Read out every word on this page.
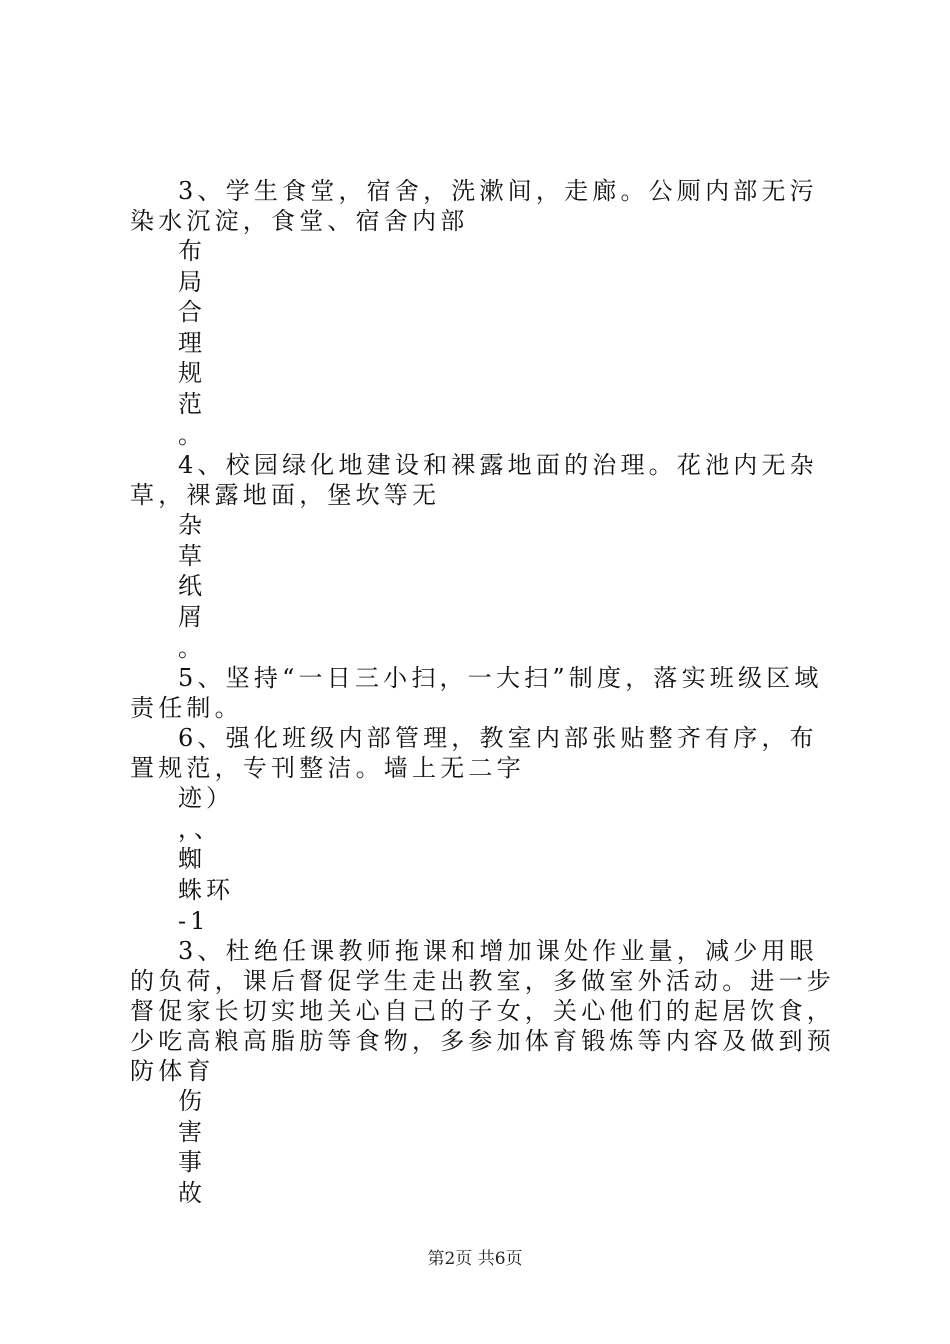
3、学生食堂，宿舍，洗漱间，走廊。公厕内部无污染水沉淀，食堂、宿舍内部

布
局
合
理
规
范
。

4、校园绿化地建设和裸露地面的治理。花池内无杂草，裸露地面，堡坎等无

杂
草
纸
屑
。

5、坚持“一日三小扫，一大扫”制度，落实班级区域责任制。

6、强化班级内部管理，教室内部张贴整齐有序，布置规范，专刊整洁。墙上无二字

迹）
，、
蜘
蛛环
-1

3、杜绝任课教师拖课和增加课处作业量，减少用眼的负荷，课后督促学生走出教室，多做室外活动。进一步督促家长切实地关心自己的子女，关心他们的起居饮食，少吃高粮高脂肪等食物，多参加体育锻炼等内容及做到预防体育

伤
害
事
故
第2页 共6页
